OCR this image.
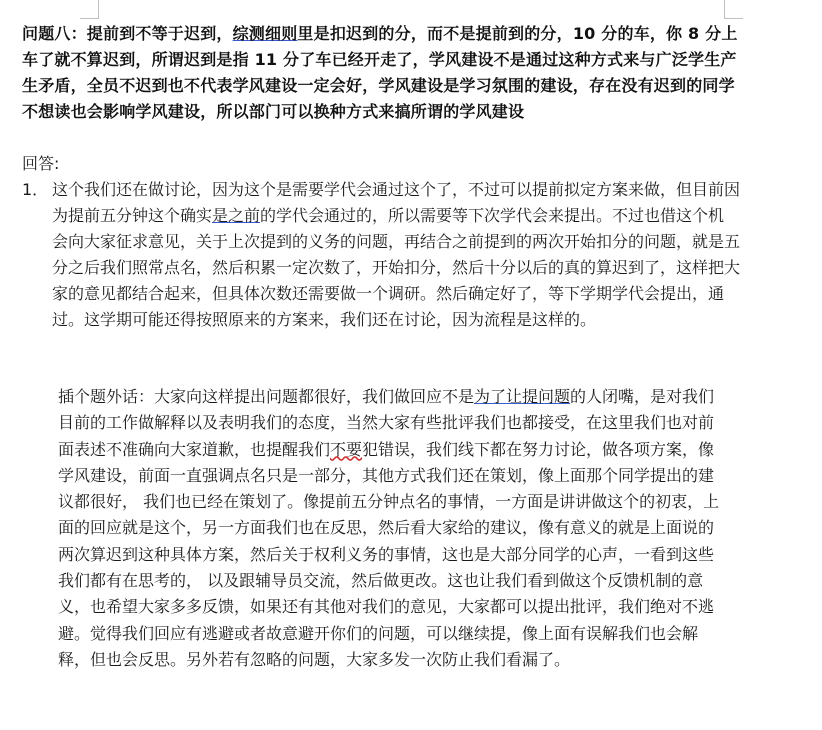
问题八：提前到不等于迟到，综测细则里是扣迟到的分，而不是提前到的分，10 分的车，你 8 分上车了就不算迟到，所谓迟到是指 11 分了车已经开走了，学风建设不是通过这种方式来与广泛学生产生矛盾，全员不迟到也不代表学风建设一定会好，学风建设是学习氛围的建设，存在没有迟到的同学不想读也会影响学风建设，所以部门可以换种方式来搞所谓的学风建设

回答:

1． 这个我们还在做讨论，因为这个是需要学代会通过这个了，不过可以提前拟定方案来做，但目前因为提前五分钟这个确实是之前的学代会通过的，所以需要等下次学代会来提出。不过也借这个机会向大家征求意见，关于上次提到的义务的问题，再结合之前提到的两次开始扣分的问题，就是五分之后我们照常点名，然后积累一定次数了，开始扣分，然后十分以后的真的算迟到了，这样把大家的意见都结合起来，但具体次数还需要做一个调研。然后确定好了，等下学期学代会提出，通过。这学期可能还得按照原来的方案来，我们还在讨论，因为流程是这样的。

插个题外话：大家向这样提出问题都很好，我们做回应不是为了让提问题的人闭嘴，是对我们目前的工作做解释以及表明我们的态度，当然大家有些批评我们也都接受，在这里我们也对前面表述不准确向大家道歉，也提醒我们不要犯错误，我们线下都在努力讨论，做各项方案，像学风建设，前面一直强调点名只是一部分，其他方式我们还在策划，像上面那个同学提出的建议都很好， 我们也已经在策划了。像提前五分钟点名的事情，一方面是讲讲做这个的初衷，上面的回应就是这个，另一方面我们也在反思，然后看大家给的建议，像有意义的就是上面说的两次算迟到这种具体方案，然后关于权利义务的事情，这也是大部分同学的心声，一看到这些我们都有在思考的， 以及跟辅导员交流，然后做更改。这也让我们看到做这个反馈机制的意义，也希望大家多多反馈，如果还有其他对我们的意见，大家都可以提出批评，我们绝对不逃避。觉得我们回应有逃避或者故意避开你们的问题，可以继续提，像上面有误解我们也会解释，但也会反思。另外若有忽略的问题，大家多发一次防止我们看漏了。
